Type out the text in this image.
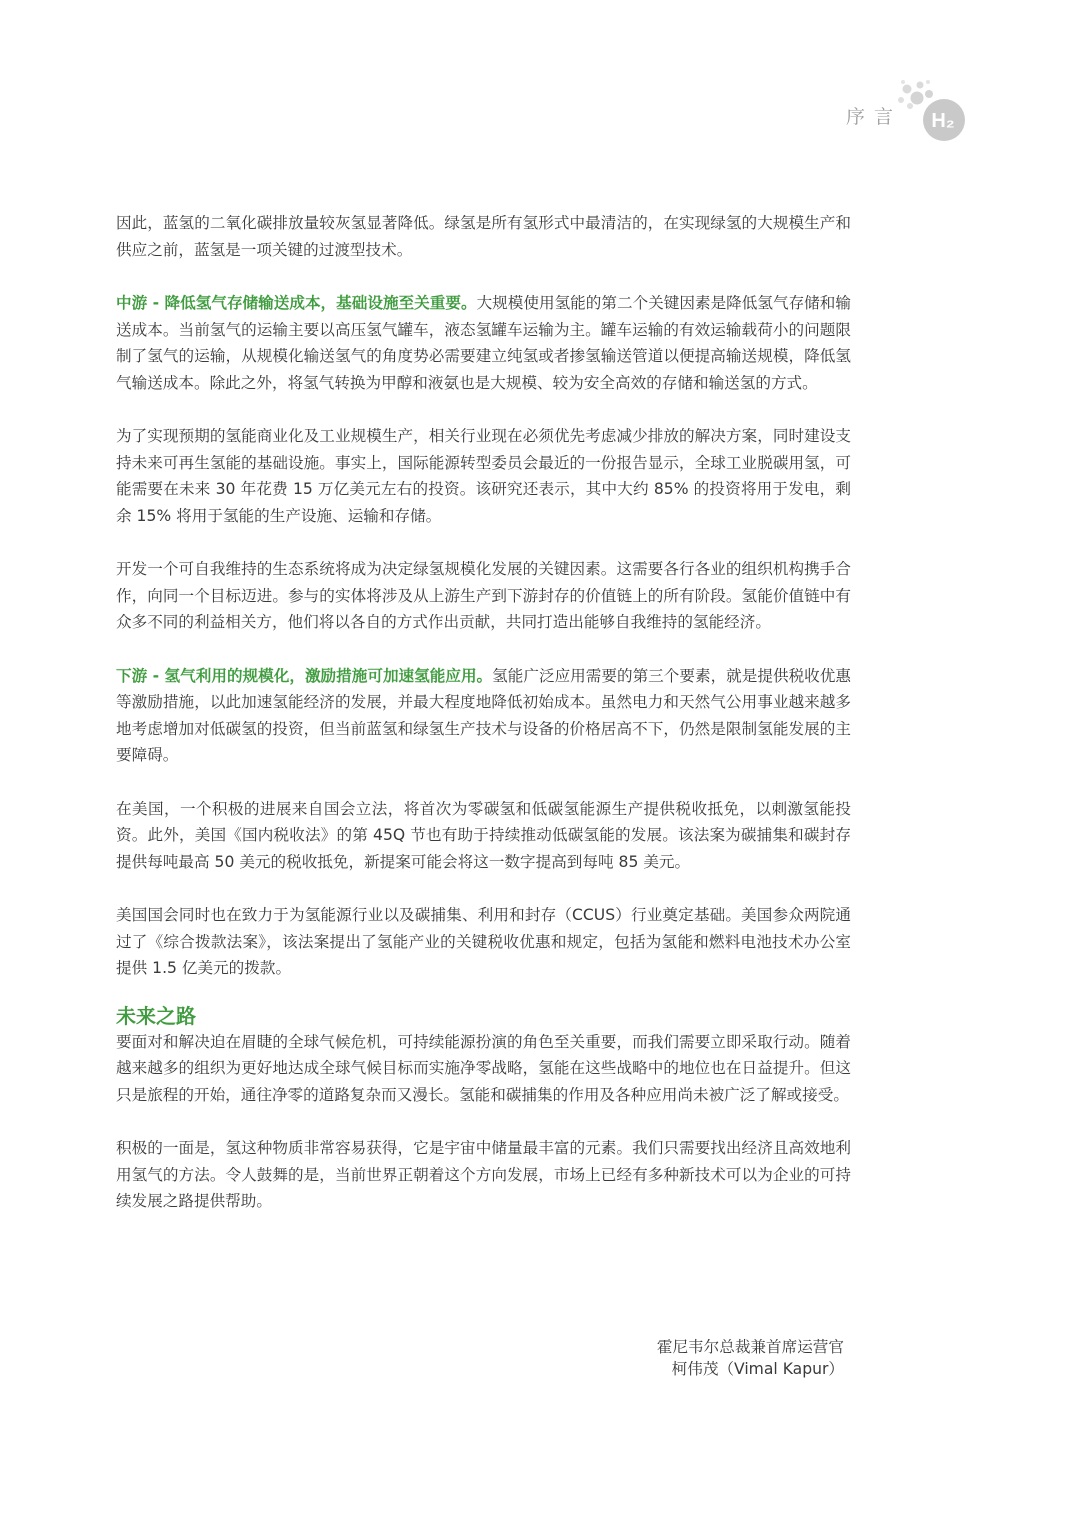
序言 H₂

因此，蓝氢的二氧化碳排放量较灰氢显著降低。绿氢是所有氢形式中最清洁的，在实现绿氢的大规模生产和供应之前，蓝氢是一项关键的过渡型技术。

中游 - 降低氢气存储输送成本，基础设施至关重要。大规模使用氢能的第二个关键因素是降低氢气存储和输送成本。当前氢气的运输主要以高压氢气罐车，液态氢罐车运输为主。罐车运输的有效运输载荷小的问题限制了氢气的运输，从规模化输送氢气的角度势必需要建立纯氢或者掺氢输送管道以便提高输送规模，降低氢气输送成本。除此之外，将氢气转换为甲醇和液氨也是大规模、较为安全高效的存储和输送氢的方式。

为了实现预期的氢能商业化及工业规模生产，相关行业现在必须优先考虑减少排放的解决方案，同时建设支持未来可再生氢能的基础设施。事实上，国际能源转型委员会最近的一份报告显示，全球工业脱碳用氢，可能需要在未来 30 年花费 15 万亿美元左右的投资。该研究还表示，其中大约 85% 的投资将用于发电，剩余 15% 将用于氢能的生产设施、运输和存储。

开发一个可自我维持的生态系统将成为决定绿氢规模化发展的关键因素。这需要各行各业的组织机构携手合作，向同一个目标迈进。参与的实体将涉及从上游生产到下游封存的价值链上的所有阶段。氢能价值链中有众多不同的利益相关方，他们将以各自的方式作出贡献，共同打造出能够自我维持的氢能经济。

下游 - 氢气利用的规模化，激励措施可加速氢能应用。氢能广泛应用需要的第三个要素，就是提供税收优惠等激励措施，以此加速氢能经济的发展，并最大程度地降低初始成本。虽然电力和天然气公用事业越来越多地考虑增加对低碳氢的投资，但当前蓝氢和绿氢生产技术与设备的价格居高不下，仍然是限制氢能发展的主要障碍。

在美国，一个积极的进展来自国会立法，将首次为零碳氢和低碳氢能源生产提供税收抵免，以刺激氢能投资。此外，美国《国内税收法》的第 45Q 节也有助于持续推动低碳氢能的发展。该法案为碳捕集和碳封存提供每吨最高 50 美元的税收抵免，新提案可能会将这一数字提高到每吨 85 美元。

美国国会同时也在致力于为氢能源行业以及碳捕集、利用和封存（CCUS）行业奠定基础。美国参众两院通过了《综合拨款法案》，该法案提出了氢能产业的关键税收优惠和规定，包括为氢能和燃料电池技术办公室提供 1.5 亿美元的拨款。

未来之路

要面对和解决迫在眉睫的全球气候危机，可持续能源扮演的角色至关重要，而我们需要立即采取行动。随着越来越多的组织为更好地达成全球气候目标而实施净零战略，氢能在这些战略中的地位也在日益提升。但这只是旅程的开始，通往净零的道路复杂而又漫长。氢能和碳捕集的作用及各种应用尚未被广泛了解或接受。

积极的一面是，氢这种物质非常容易获得，它是宇宙中储量最丰富的元素。我们只需要找出经济且高效地利用氢气的方法。令人鼓舞的是，当前世界正朝着这个方向发展，市场上已经有多种新技术可以为企业的可持续发展之路提供帮助。

霍尼韦尔总裁兼首席运营官
柯伟茂（Vimal Kapur）
